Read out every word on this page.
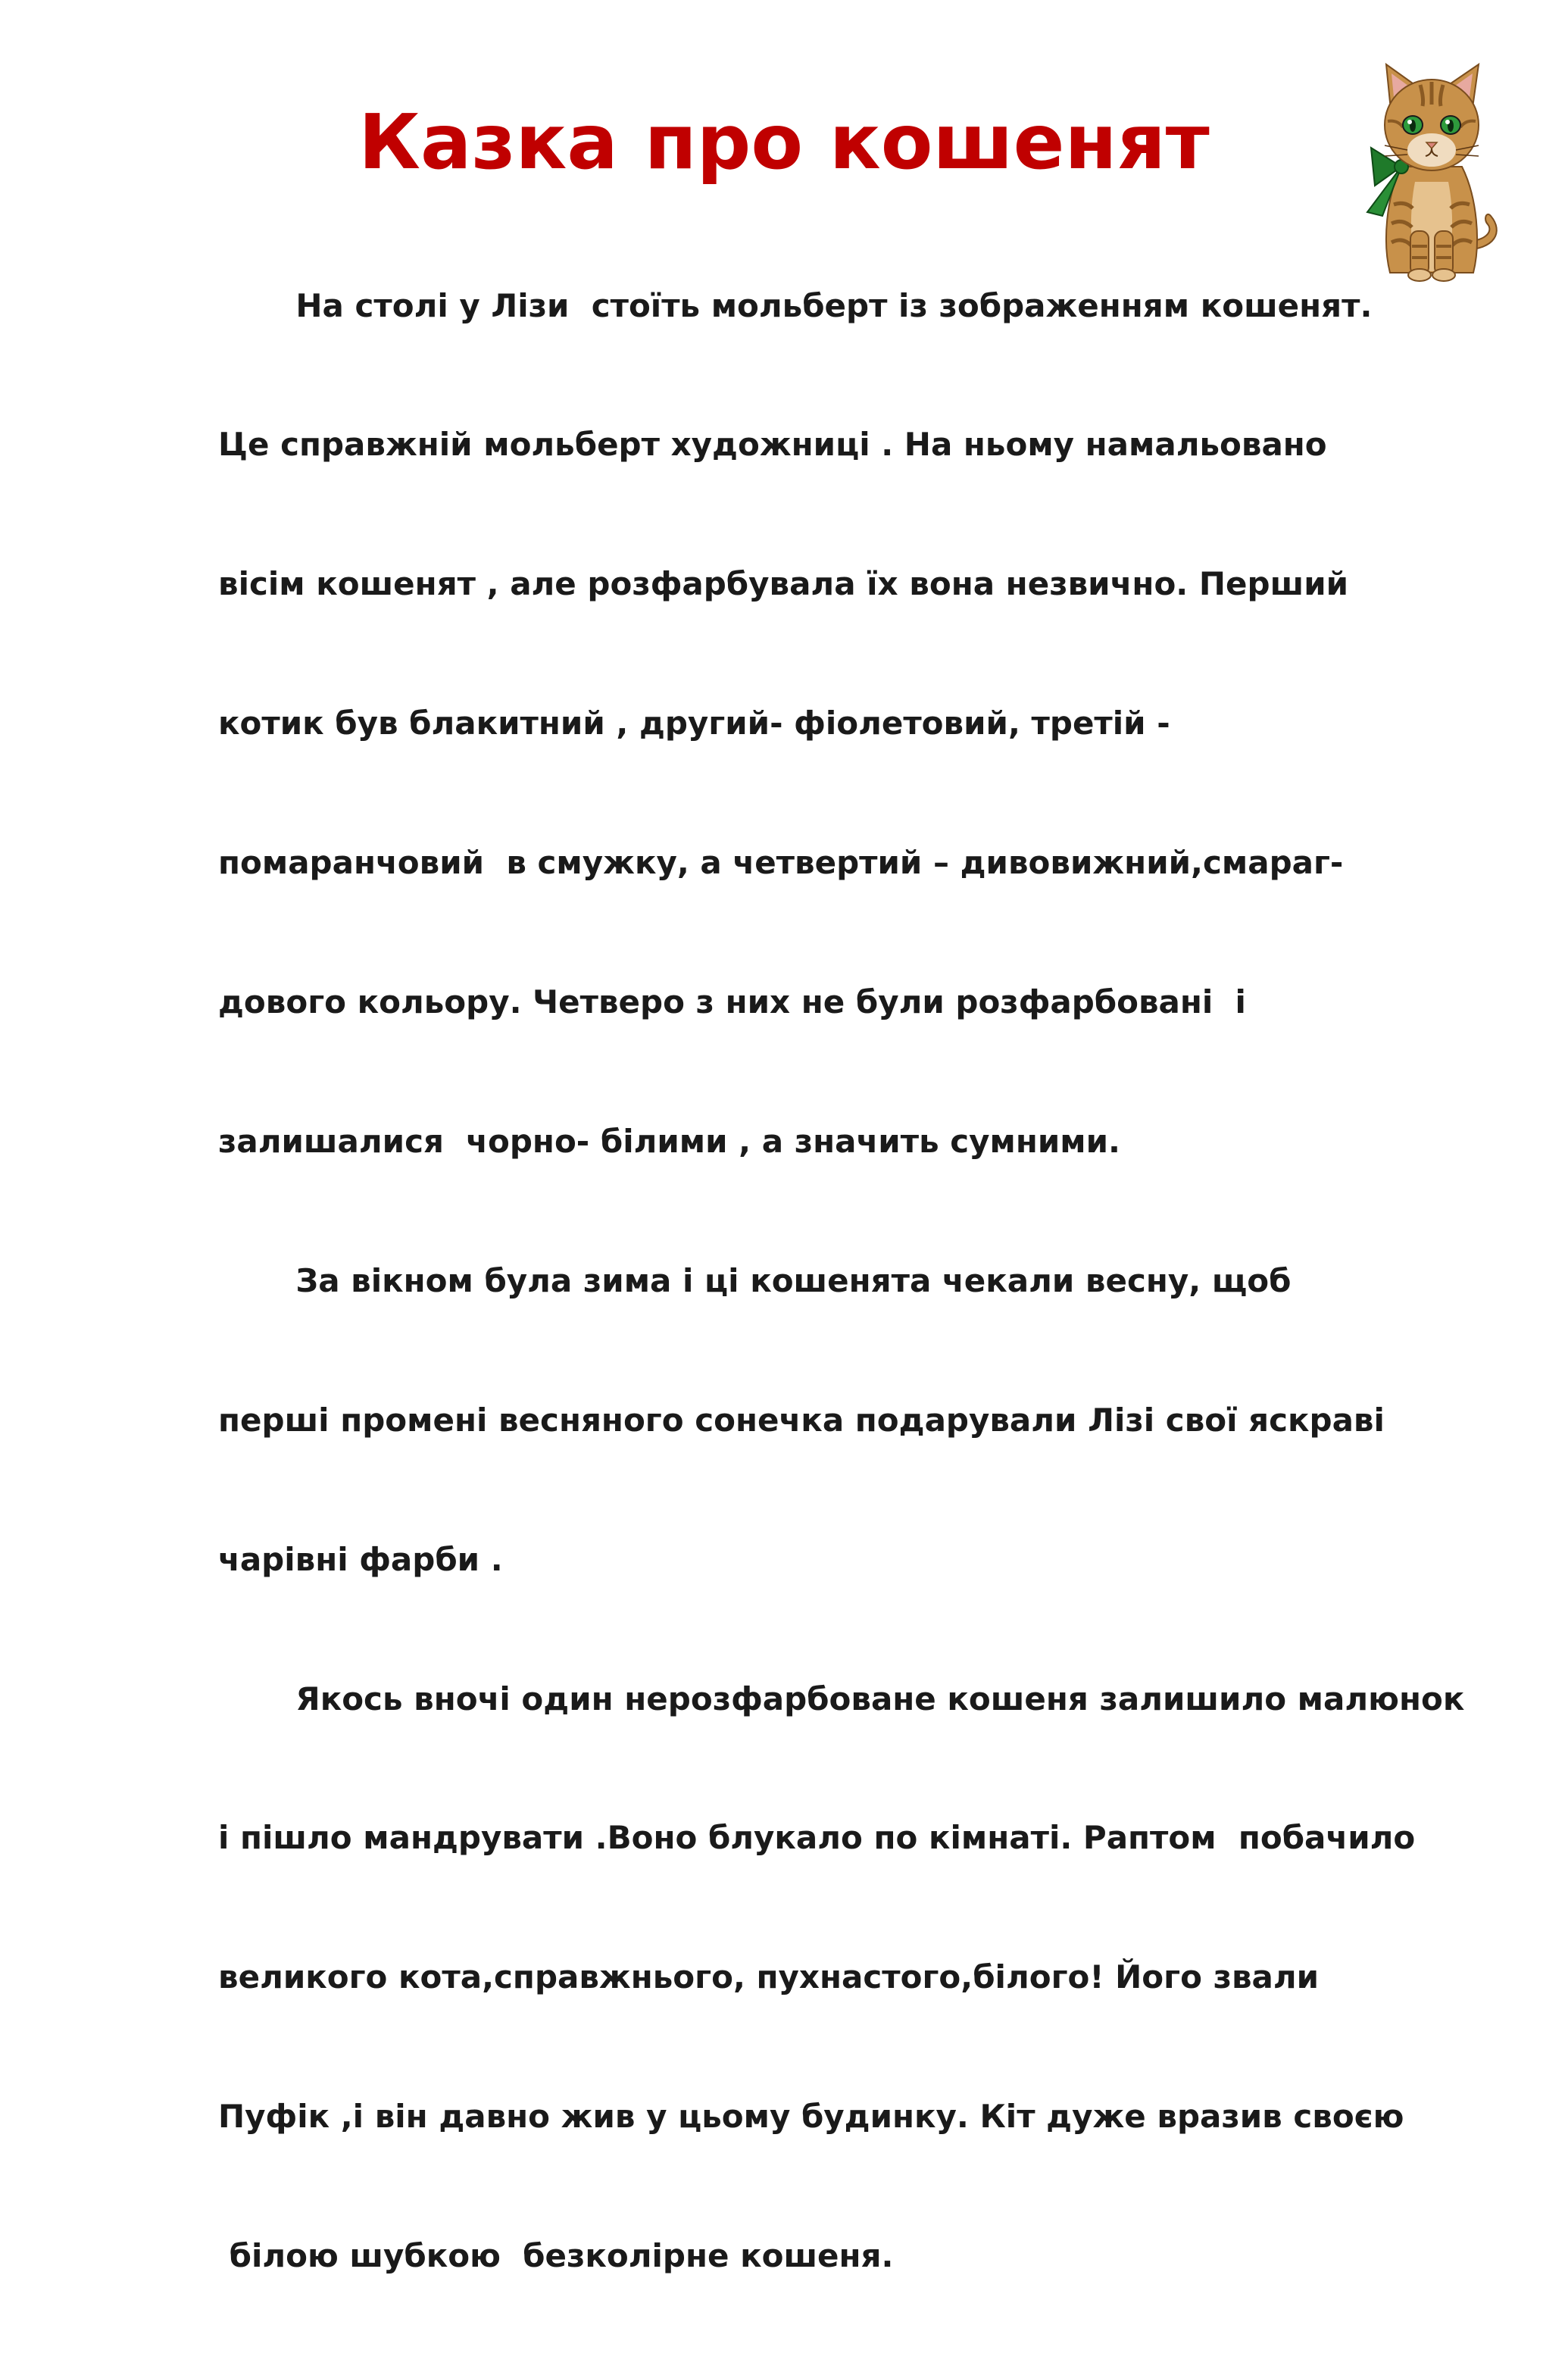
Казка про кошенят

На столі у Лізи  стоїть мольберт із зображенням кошенят.

Це справжній мольберт художниці . На ньому намальовано

вісім кошенят , але розфарбувала їх вона незвично. Перший

котик був блакитний , другий- фіолетовий, третій -

помаранчовий  в смужку, а четвертий – дивовижний,смараг-

дового кольору. Четверо з них не були розфарбовані  і

залишалися  чорно- білими , а значить сумними.

За вікном була зима і ці кошенята чекали весну, щоб

перші промені весняного сонечка подарували Лізі свої яскраві

чарівні фарби .

Якось вночі один нерозфарбоване кошеня залишило малюнок

і пішло мандрувати .Воно блукало по кімнаті. Раптом  побачило

великого кота,справжнього, пухнастого,білого! Його звали

Пуфік ,і він давно жив у цьому будинку. Кіт дуже вразив своєю

білою шубкою  безколірне кошеня.
